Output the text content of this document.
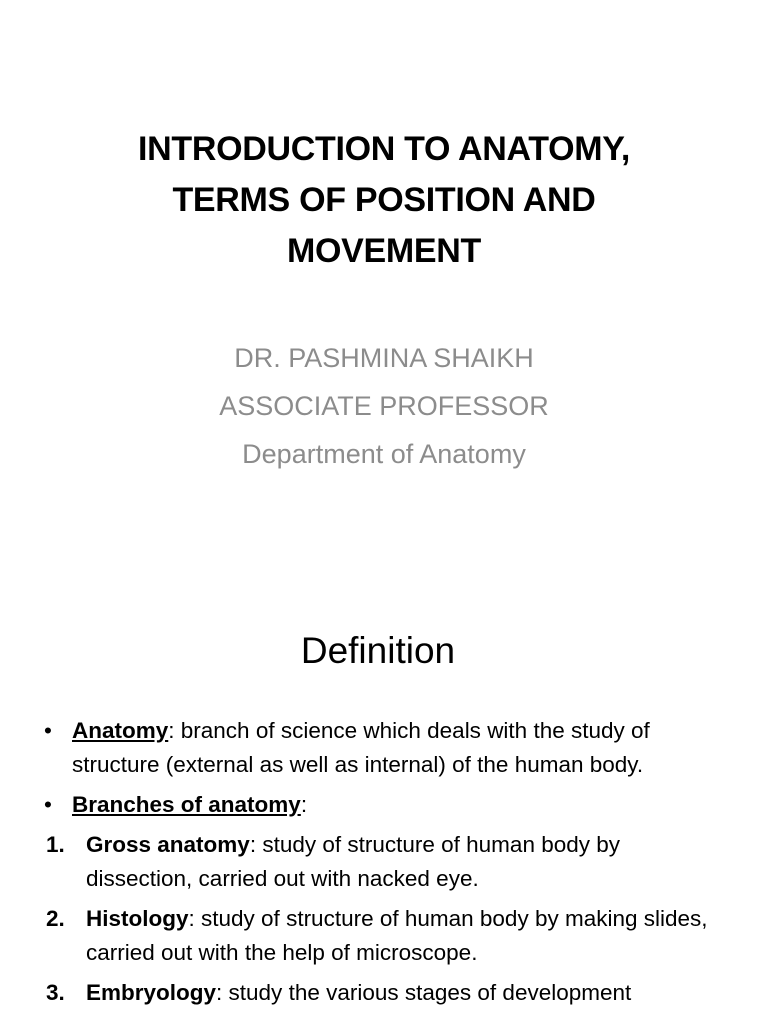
INTRODUCTION TO ANATOMY,
TERMS OF POSITION AND
MOVEMENT
DR. PASHMINA SHAIKH
ASSOCIATE PROFESSOR
Department of Anatomy
Definition
• Anatomy: branch of science which deals with the study of structure (external as well as internal) of the human body.
• Branches of anatomy:
1. Gross anatomy: study of structure of human body by dissection, carried out with nacked eye.
2. Histology: study of structure of human body by making slides, carried out with the help of microscope.
3. Embryology: study the various stages of development
